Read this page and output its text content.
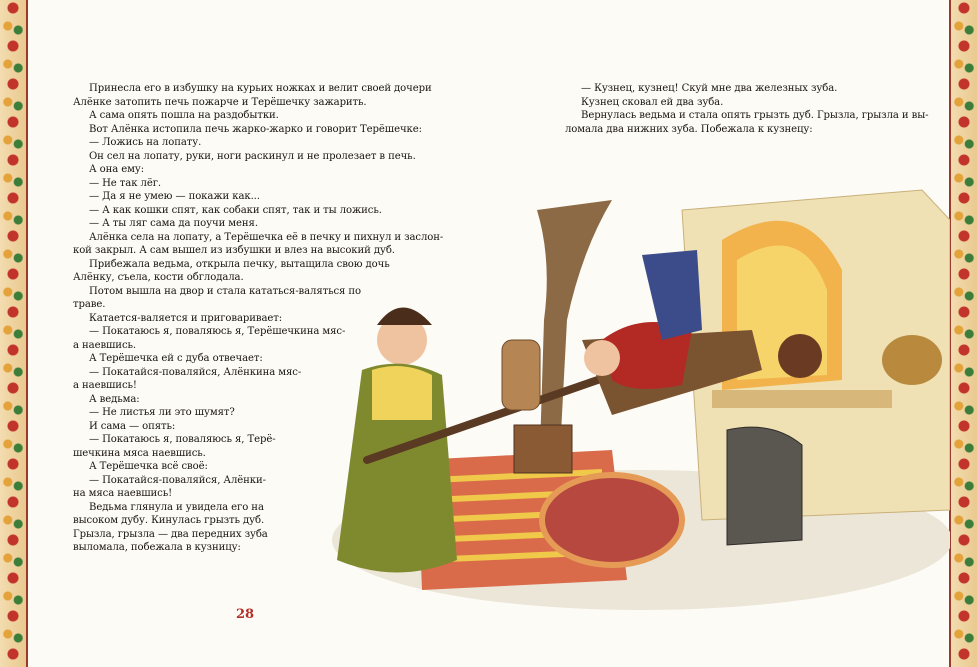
Принесла его в избушку на курьих ножках и велит своей дочери

Алёнке затопить печь пожарче и Терёшечку зажарить.

А сама опять пошла на раздобытки.

Вот Алёнка истопила печь жарко-жарко и говорит Терёшечке:

— Ложись на лопату.

Он сел на лопату, руки, ноги раскинул и не пролезает в печь.

А она ему:

— Не так лёг.

— Да я не умею — покажи как...

— А как кошки спят, как собаки спят, так и ты ложись.

— А ты ляг сама да поучи меня.

Алёнка села на лопату, а Терёшечка её в печку и пихнул и заслон-

кой закрыл. А сам вышел из избушки и влез на высокий дуб.

Прибежала ведьма, открыла печку, вытащила свою дочь

Алёнку, съела, кости обглодала.

Потом вышла на двор и стала кататься-валяться по

траве.

Катается-валяется и приговаривает:

— Покатаюсь я, поваляюсь я, Терёшечкина мяс-

а наевшись.

А Терёшечка ей с дуба отвечает:

— Покатайся-поваляйся, Алёнкина мяс-

а наевшись!

А ведьма:

— Не листья ли это шумят?

И сама — опять:

— Покатаюсь я, поваляюсь я, Терё-

шечкина мяса наевшись.

А Терёшечка всё своё:

— Покатайся-поваляйся, Алёнки-

на мяса наевшись!

Ведьма глянула и увидела его на

высоком дубу. Кинулась грызть дуб.

Грызла, грызла — два передних зуба

выломала, побежала в кузницу:

— Кузнец, кузнец! Скуй мне два железных зуба.

Кузнец сковал ей два зуба.

Вернулась ведьма и стала опять грызть дуб. Грызла, грызла и вы-

ломала два нижних зуба. Побежала к кузнецу:

28
